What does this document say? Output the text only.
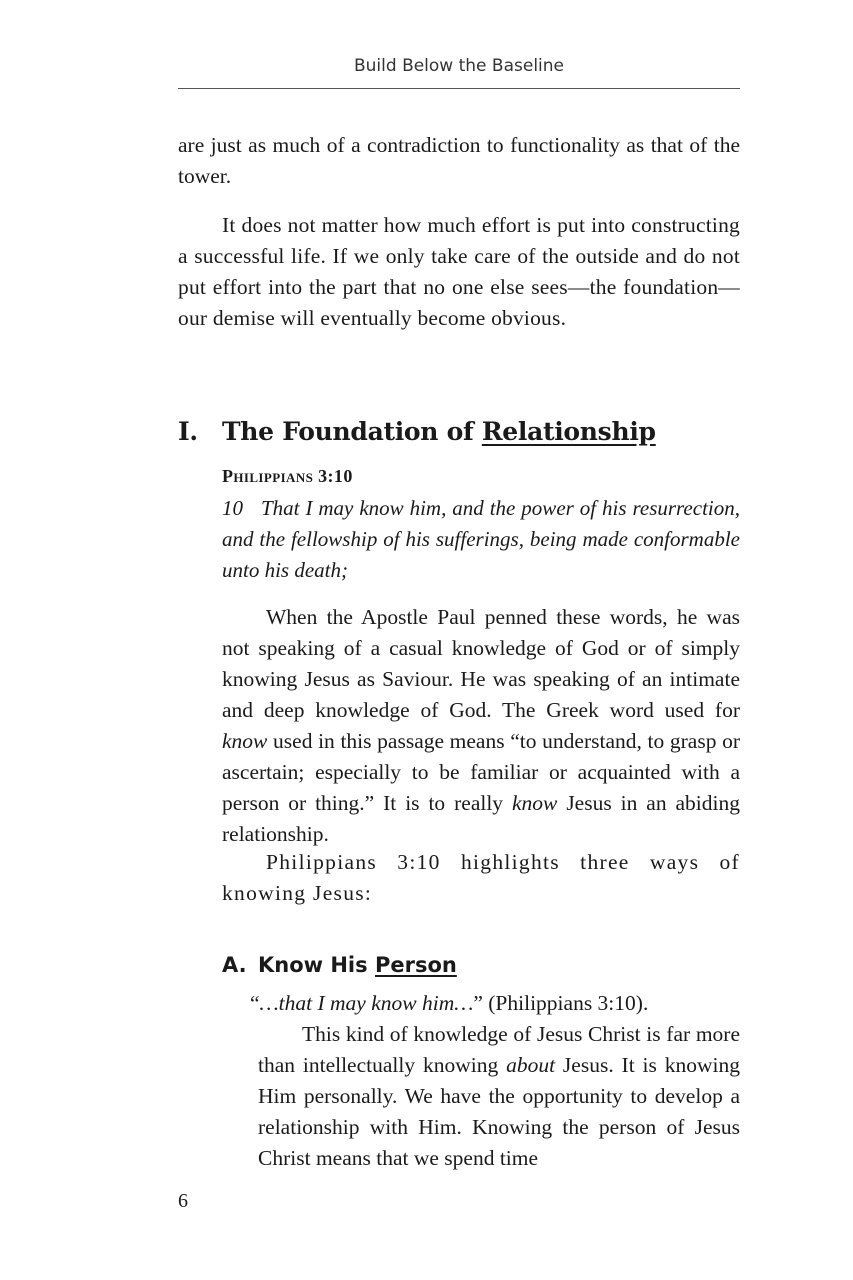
Build Below the Baseline

are just as much of a contradiction to functionality as that of the tower.

It does not matter how much effort is put into constructing a successful life. If we only take care of the outside and do not put effort into the part that no one else sees—the foundation—our demise will eventually become obvious.

I. The Foundation of Relationship
Philippians 3:10

10 That I may know him, and the power of his resurrection, and the fellowship of his sufferings, being made conformable unto his death;

When the Apostle Paul penned these words, he was not speaking of a casual knowledge of God or of simply knowing Jesus as Saviour. He was speaking of an intimate and deep knowledge of God. The Greek word used for know used in this passage means “to understand, to grasp or ascertain; especially to be familiar or acquainted with a person or thing.” It is to really know Jesus in an abiding relationship.

Philippians 3:10 highlights three ways of knowing Jesus:

A. Know His Person

“…that I may know him…” (Philippians 3:10).

This kind of knowledge of Jesus Christ is far more than intellectually knowing about Jesus. It is knowing Him personally. We have the opportunity to develop a relationship with Him. Knowing the person of Jesus Christ means that we spend time

6
